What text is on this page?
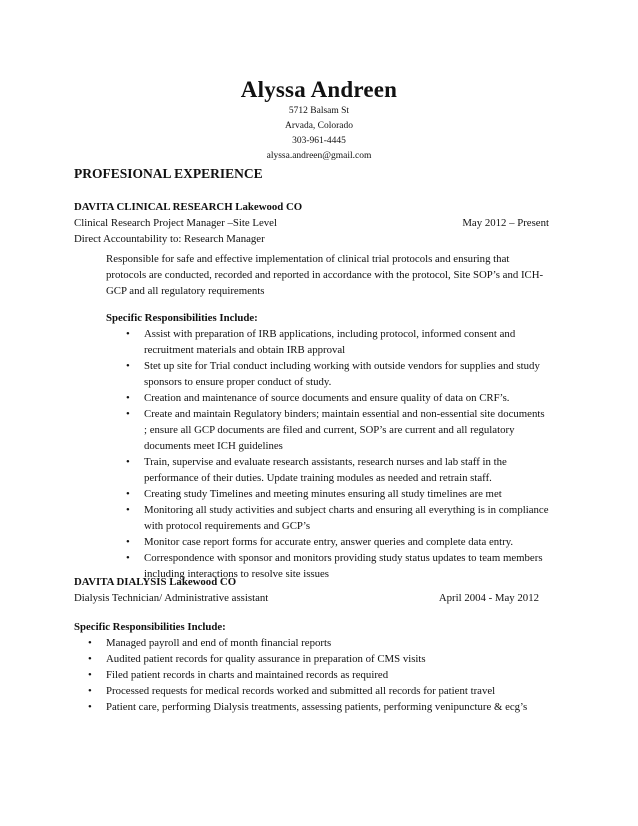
Alyssa Andreen
5712 Balsam St
Arvada, Colorado
303-961-4445
alyssa.andreen@gmail.com
PROFESIONAL EXPERIENCE
DAVITA CLINICAL RESEARCH Lakewood CO
Clinical Research Project Manager –Site Level	May 2012 – Present
Direct Accountability to: Research Manager
Responsible for safe and effective implementation of clinical trial protocols and ensuring that protocols are conducted, recorded and reported in accordance with the protocol, Site SOP’s and ICH-GCP and all regulatory requirements
Specific Responsibilities Include:
• Assist with preparation of IRB applications, including protocol, informed consent and recruitment materials and obtain IRB approval
• Stet up site for Trial conduct including working with outside vendors for supplies and study sponsors to ensure proper conduct of study.
• Creation and maintenance of source documents and ensure quality of data on CRF’s.
• Create and maintain Regulatory binders; maintain essential and non-essential site documents ; ensure all GCP documents are filed and current, SOP’s are current and all regulatory documents meet ICH guidelines
• Train, supervise and evaluate research assistants, research nurses and lab staff in the performance of their duties. Update training modules as needed and retrain staff.
• Creating study Timelines and meeting minutes ensuring all study timelines are met
• Monitoring all study activities and subject charts and ensuring all everything is in compliance with protocol requirements and GCP’s
• Monitor case report forms for accurate entry, answer queries and complete data entry.
• Correspondence with sponsor and monitors providing study status updates to team members including interactions to resolve site issues
DAVITA DIALYSIS Lakewood CO
Dialysis Technician/ Administrative assistant	April 2004 - May 2012
Specific Responsibilities Include:
• Managed payroll and end of month financial reports
• Audited patient records for quality assurance in preparation of CMS visits
• Filed patient records in charts and maintained records as required
• Processed requests for medical records worked and submitted all records for patient travel
• Patient care, performing Dialysis treatments, assessing patients, performing venipuncture & ecg’s
